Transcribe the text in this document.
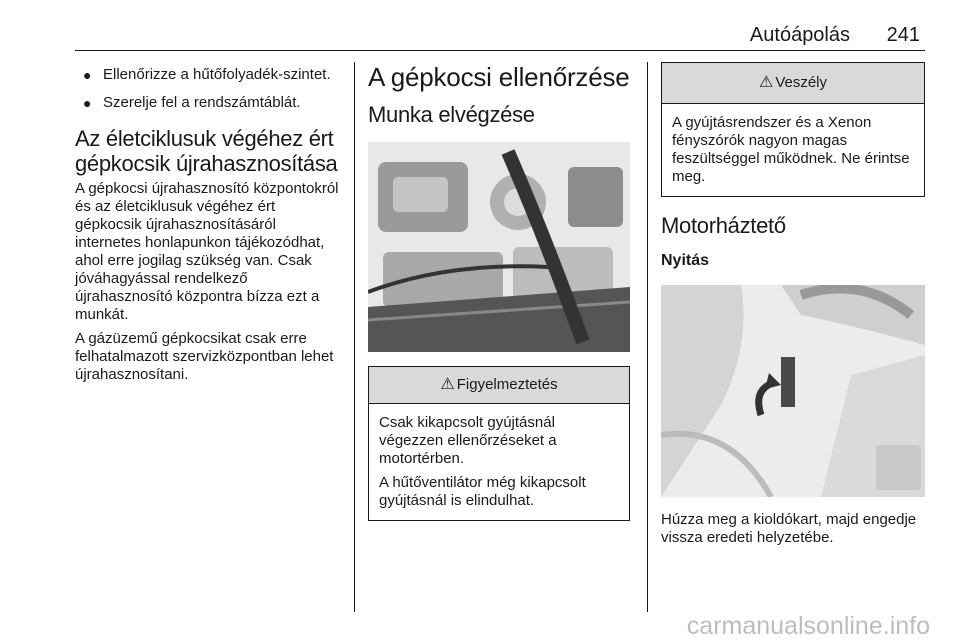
Autóápolás	241
● Ellenőrizze a hűtőfolyadék-szintet.
● Szerelje fel a rendszámtáblát.
Az életciklusuk végéhez ért gépkocsik újrahasznosítása

A gépkocsi újrahasznosító központokról és az életciklusuk végéhez ért gépkocsik újrahasznosításáról internetes honlapunkon tájékozódhat, ahol erre jogilag szükség van. Csak jóváhagyással rendelkező újrahasznosító központra bízza ezt a munkát.

A gázüzemű gépkocsikat csak erre felhatalmazott szervizközpontban lehet újrahasznosítani.

A gépkocsi ellenőrzése
Munka elvégzése
⚠ Figyelmeztetés

Csak kikapcsolt gyújtásnál végezzen ellenőrzéseket a motortérben.

A hűtőventilátor még kikapcsolt gyújtásnál is elindulhat.

⚠ Veszély

A gyújtásrendszer és a Xenon fényszórók nagyon magas feszültséggel működnek. Ne érintse meg.

Motorháztető
Nyitás

Húzza meg a kioldókart, majd engedje vissza eredeti helyzetébe.

carmanualsonline.info
